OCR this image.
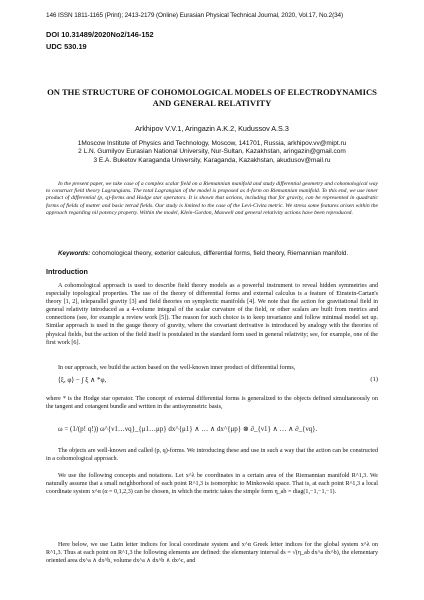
146 ISSN 1811-1165 (Print); 2413-2179 (Online) Eurasian Physical Technical Journal, 2020, Vol.17, No.2(34)
DOI 10.31489/2020No2/146-152
UDC 530.19
ON THE STRUCTURE OF COHOMOLOGICAL MODELS OF ELECTRODYNAMICS AND GENERAL RELATIVITY
Arkhipov V.V.1, Aringazin A.K.2, Kudussov A.S.3
1Moscow Institute of Physics and Technology, Moscow, 141701, Russia, arkhipov.vv@mipt.ru
2 L.N. Gumilyov Eurasian National University, Nur-Sultan, Kazakhstan, aringazin@gmail.com
3 E.A. Buketov Karaganda University, Karaganda, Kazakhstan, akudusov@mail.ru
In the present paper, we take case of a complex scalar field on a Riemannian manifold and study differential geometry and cohomological way to construct field theory Lagrangians. The total Lagrangian of the model is proposed as 4-form on Riemannian manifold. To this end, we use inner product of differential (p, q)-forms and Hodge star operators. It is shown that actions, including that for gravity, can be represented in quadratic forms of fields of matter and basic tetrad fields. Our study is limited to the case of the Levi-Civita metric. We stress some features arisen within the approach regarding nil potency property. Within the model, Klein-Gordon, Maxwell and general relativity actions have been reproduced.
Keywords: cohomological theory, exterior calculus, differential forms, field theory, Riemannian manifold.
Introduction
A cohomological approach is used to describe field theory models as a powerful instrument to reveal hidden symmetries and especially topological properties. The use of the theory of differential forms and external calculus is a feature of Einstein-Cartan's theory [1, 2], teleparallel gravity [3] and field theories on symplectic manifolds [4]. We note that the action for gravitational field in general relativity introduced as a 4-volume integral of the scalar curvature of the field, or other scalars are built from metrics and connections (see, for example a review work [5]). The reason for such choice is to keep invariance and follow minimal model set up. Similar approach is used in the gauge theory of gravity, where the covariant derivative is introduced by analogy with the theories of physical fields, but the action of the field itself is postulated in the standard form used in general relativity; see, for example, one of the first work [6].
In our approach, we build the action based on the well-known inner product of differential forms,
⟨ξ, φ⟩ − ∫ ξ ∧ *φ,	(1)
where * is the Hodge star operator. The concept of external differential forms is generalized to the objects defined simultaneously on the tangent and cotangent bundle and written in the antisymmetric basis,
ω = (1/(p! q!)) ω^{ν1…νq}_{μ1…μp} dx^{μ1} ∧ … ∧ dx^{μp} ⊗ ∂_{ν1} ∧ … ∧ ∂_{νq}.
The objects are well-known and called (p, q)-forms. We introducing these and use in such a way that the action can be constructed in a cohomological approach.
We use the following concepts and notations. Let x^λ be coordinates in a certain area of the Riemannian manifold R^1,3. We naturally assume that a small neighborhood of each point R^1,3 is isomorphic to Minkowski space. That is, at each point R^1,3 a local coordinate system x^α (α = 0,1,2,3) can be chosen, in which the metric takes the simple form η_ab = diag(1,−1,−1,−1).
Here below, we use Latin letter indices for local coordinate system and x^α Greek letter indices for the global system x^λ on R^1,3. Thus at each point on R^1,3 the following elements are defined: the elementary interval ds = √(η_ab dx^a dx^b), the elementary oriented area dx^a ∧ dx^b, volume dx^a ∧ dx^b ∧ dx^c, and
